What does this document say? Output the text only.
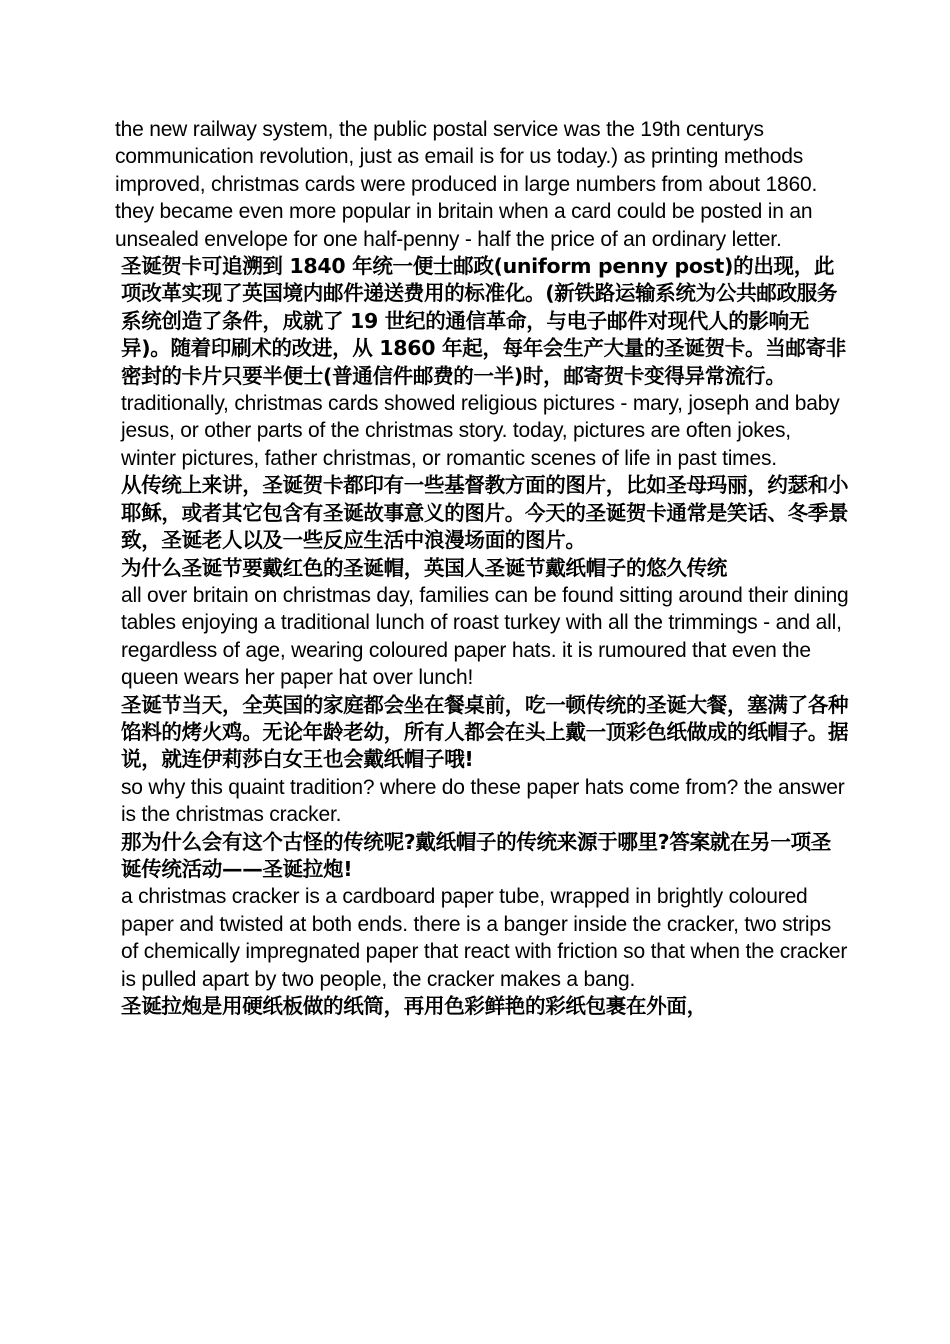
the new railway system, the public postal service was the 19th centurys communication revolution, just as email is for us today.) as printing methods improved, christmas cards were produced in large numbers from about 1860. they became even more popular in britain when a card could be posted in an unsealed envelope for one half-penny - half the price of an ordinary letter.

圣诞贺卡可追溯到 1840 年统一便士邮政(uniform penny post)的出现，此项改革实现了英国境内邮件递送费用的标准化。(新铁路运输系统为公共邮政服务系统创造了条件，成就了 19 世纪的通信革命，与电子邮件对现代人的影响无异)。随着印刷术的改进，从 1860 年起，每年会生产大量的圣诞贺卡。当邮寄非密封的卡片只要半便士(普通信件邮费的一半)时，邮寄贺卡变得异常流行。

traditionally, christmas cards showed religious pictures - mary, joseph and baby jesus, or other parts of the christmas story. today, pictures are often jokes, winter pictures, father christmas, or romantic scenes of life in past times.

从传统上来讲，圣诞贺卡都印有一些基督教方面的图片，比如圣母玛丽，约瑟和小耶稣，或者其它包含有圣诞故事意义的图片。今天的圣诞贺卡通常是笑话、冬季景致，圣诞老人以及一些反应生活中浪漫场面的图片。

为什么圣诞节要戴红色的圣诞帽，英国人圣诞节戴纸帽子的悠久传统

all over britain on christmas day, families can be found sitting around their dining tables enjoying a traditional lunch of roast turkey with all the trimmings - and all, regardless of age, wearing coloured paper hats. it is rumoured that even the queen wears her paper hat over lunch!

圣诞节当天，全英国的家庭都会坐在餐桌前，吃一顿传统的圣诞大餐，塞满了各种馅料的烤火鸡。无论年龄老幼，所有人都会在头上戴一顶彩色纸做成的纸帽子。据说，就连伊莉莎白女王也会戴纸帽子哦!

so why this quaint tradition? where do these paper hats come from? the answer is the christmas cracker.

那为什么会有这个古怪的传统呢?戴纸帽子的传统来源于哪里?答案就在另一项圣诞传统活动——圣诞拉炮!

a christmas cracker is a cardboard paper tube, wrapped in brightly coloured paper and twisted at both ends. there is a banger inside the cracker, two strips of chemically impregnated paper that react with friction so that when the cracker is pulled apart by two people, the cracker makes a bang.

圣诞拉炮是用硬纸板做的纸筒，再用色彩鲜艳的彩纸包裹在外面，
